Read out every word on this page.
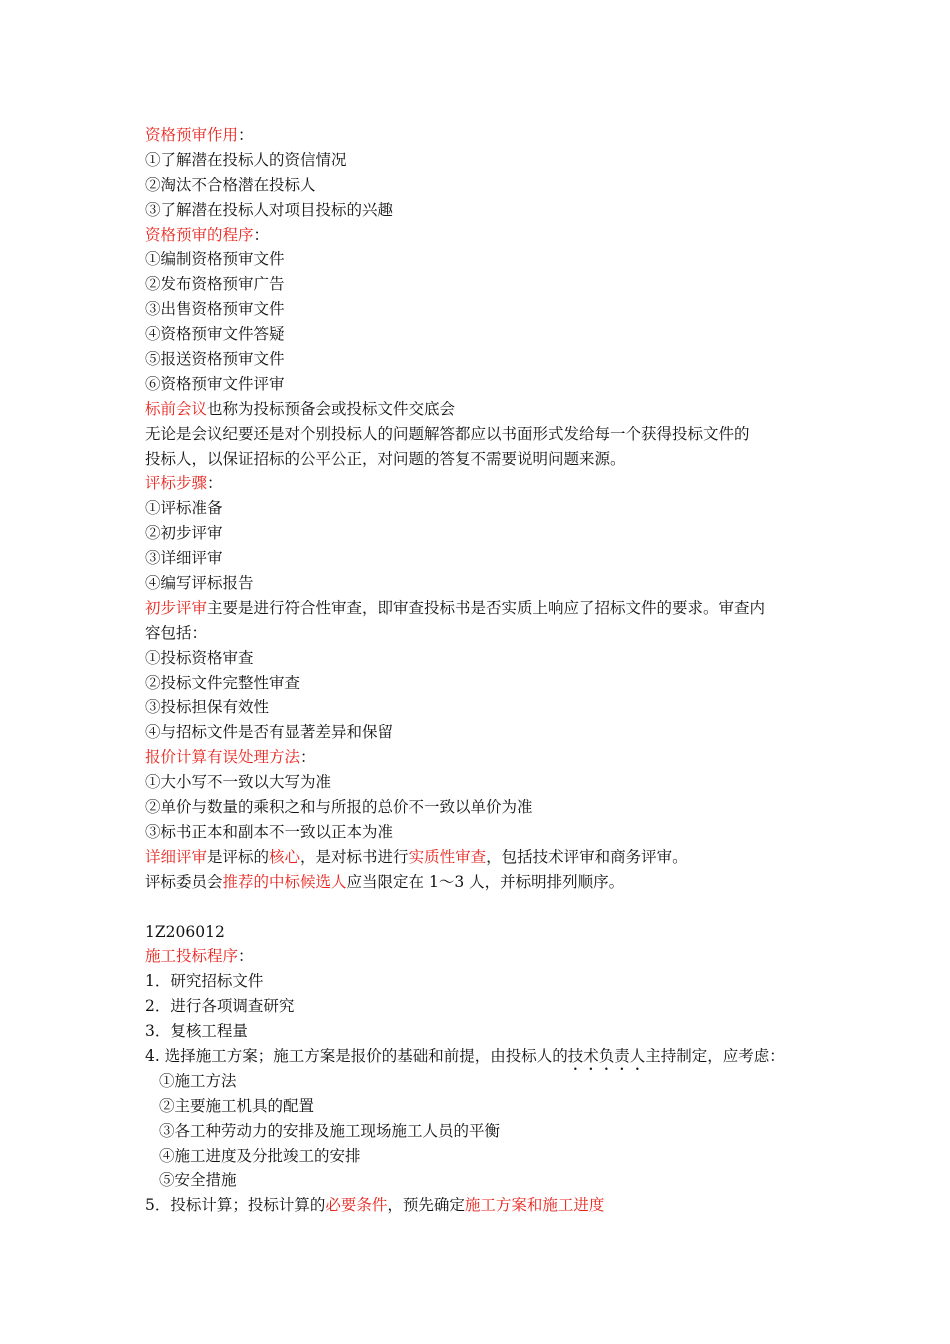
资格预审作用：
①了解潜在投标人的资信情况
②淘汰不合格潜在投标人
③了解潜在投标人对项目投标的兴趣
资格预审的程序：
①编制资格预审文件
②发布资格预审广告
③出售资格预审文件
④资格预审文件答疑
⑤报送资格预审文件
⑥资格预审文件评审
标前会议也称为投标预备会或投标文件交底会
无论是会议纪要还是对个别投标人的问题解答都应以书面形式发给每一个获得投标文件的
投标人，以保证招标的公平公正，对问题的答复不需要说明问题来源。
评标步骤：
①评标准备
②初步评审
③详细评审
④编写评标报告
初步评审主要是进行符合性审查，即审查投标书是否实质上响应了招标文件的要求。审查内
容包括：
①投标资格审查
②投标文件完整性审查
③投标担保有效性
④与招标文件是否有显著差异和保留
报价计算有误处理方法：
①大小写不一致以大写为准
②单价与数量的乘积之和与所报的总价不一致以单价为准
③标书正本和副本不一致以正本为准
详细评审是评标的核心，是对标书进行实质性审查，包括技术评审和商务评审。
评标委员会推荐的中标候选人应当限定在 1～3 人，并标明排列顺序。
1Z206012
施工投标程序：
1．研究招标文件
2．进行各项调查研究
3．复核工程量
4. 选择施工方案；施工方案是报价的基础和前提，由投标人的技术负责人主持制定，应考虑：
①施工方法
②主要施工机具的配置
③各工种劳动力的安排及施工现场施工人员的平衡
④施工进度及分批竣工的安排
⑤安全措施
5．投标计算；投标计算的必要条件，预先确定施工方案和施工进度
